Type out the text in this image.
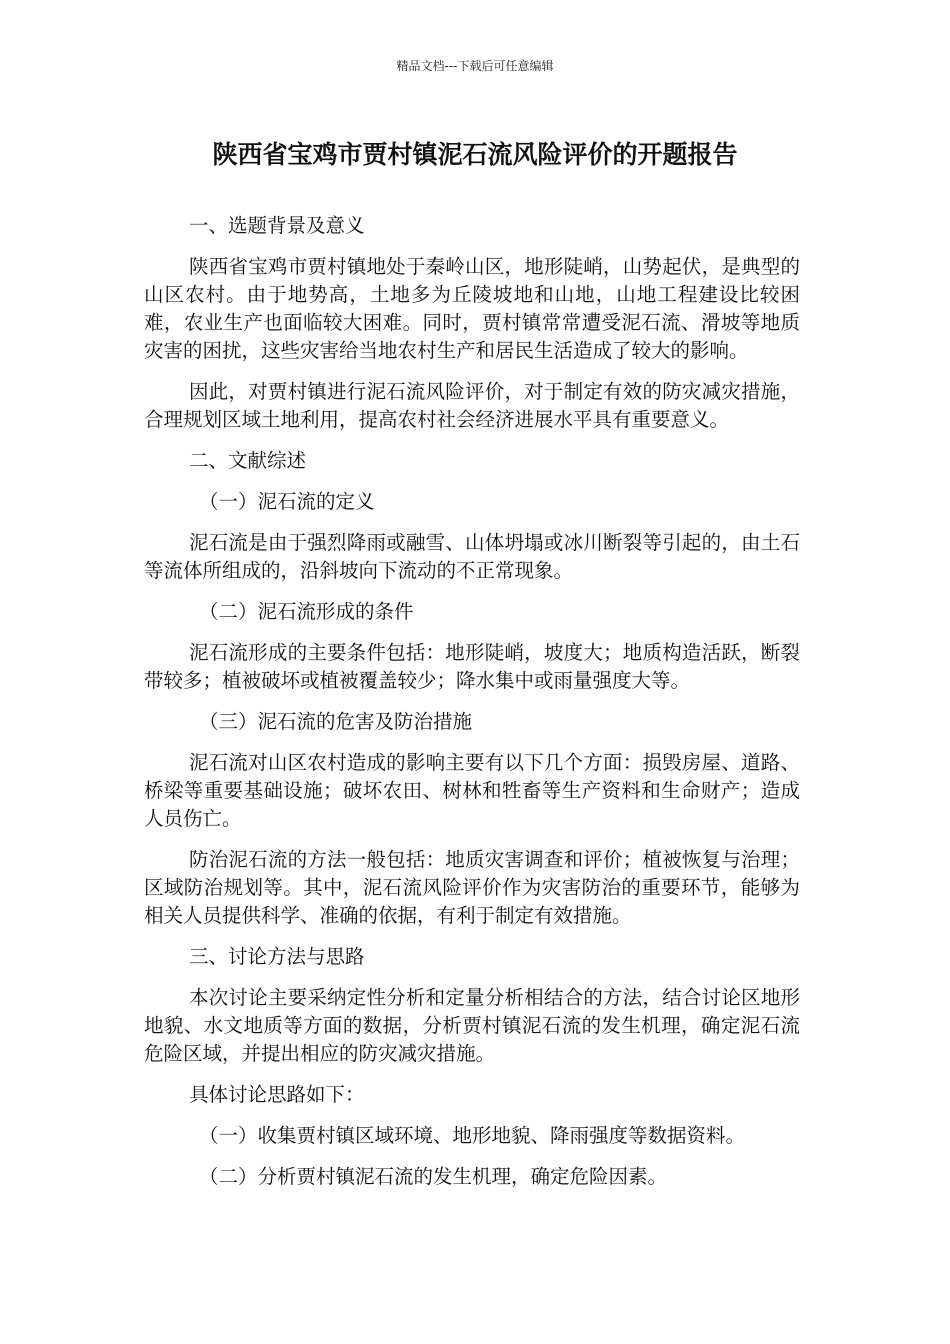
精品文档---下载后可任意编辑
陕西省宝鸡市贾村镇泥石流风险评价的开题报告
一、选题背景及意义
陕西省宝鸡市贾村镇地处于秦岭山区，地形陡峭，山势起伏，是典型的山区农村。由于地势高，土地多为丘陵坡地和山地，山地工程建设比较困难，农业生产也面临较大困难。同时，贾村镇常常遭受泥石流、滑坡等地质灾害的困扰，这些灾害给当地农村生产和居民生活造成了较大的影响。
因此，对贾村镇进行泥石流风险评价，对于制定有效的防灾减灾措施，合理规划区域土地利用，提高农村社会经济进展水平具有重要意义。
二、文献综述
（一）泥石流的定义
泥石流是由于强烈降雨或融雪、山体坍塌或冰川断裂等引起的，由土石等流体所组成的，沿斜坡向下流动的不正常现象。
（二）泥石流形成的条件
泥石流形成的主要条件包括：地形陡峭，坡度大；地质构造活跃，断裂带较多；植被破坏或植被覆盖较少；降水集中或雨量强度大等。
（三）泥石流的危害及防治措施
泥石流对山区农村造成的影响主要有以下几个方面：损毁房屋、道路、桥梁等重要基础设施；破坏农田、树林和牲畜等生产资料和生命财产；造成人员伤亡。
防治泥石流的方法一般包括：地质灾害调查和评价；植被恢复与治理；区域防治规划等。其中，泥石流风险评价作为灾害防治的重要环节，能够为相关人员提供科学、准确的依据，有利于制定有效措施。
三、讨论方法与思路
本次讨论主要采纳定性分析和定量分析相结合的方法，结合讨论区地形地貌、水文地质等方面的数据，分析贾村镇泥石流的发生机理，确定泥石流危险区域，并提出相应的防灾减灾措施。
具体讨论思路如下：
（一）收集贾村镇区域环境、地形地貌、降雨强度等数据资料。
（二）分析贾村镇泥石流的发生机理，确定危险因素。
